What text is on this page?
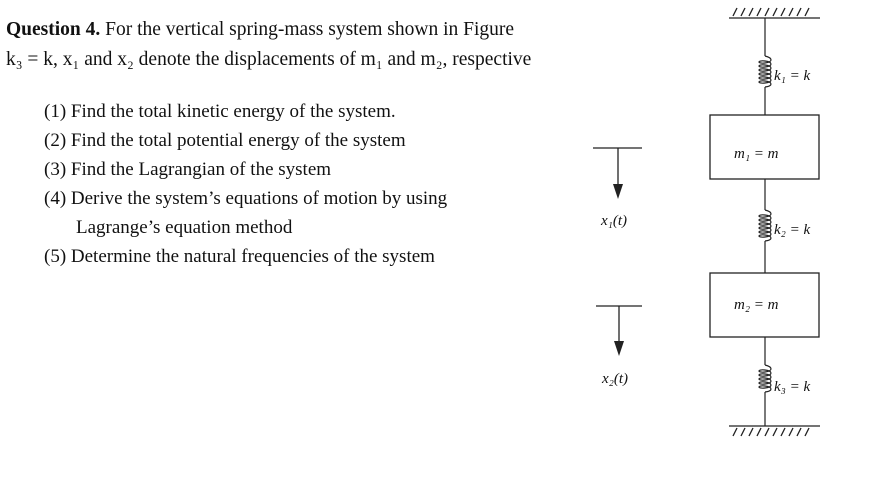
Question 4. For the vertical spring-mass system shown in Figure
k₃ = k, x₁ and x₂ denote the displacements of m₁ and m₂, respective
(1) Find the total kinetic energy of the system.
(2) Find the total potential energy of the system
(3) Find the Lagrangian of the system
(4) Derive the system’s equations of motion by using
Lagrange’s equation method
(5) Determine the natural frequencies of the system
k₁ = k
m₁ = m
k₂ = k
m₂ = m
k₃ = k
x₁(t)
x₂(t)
